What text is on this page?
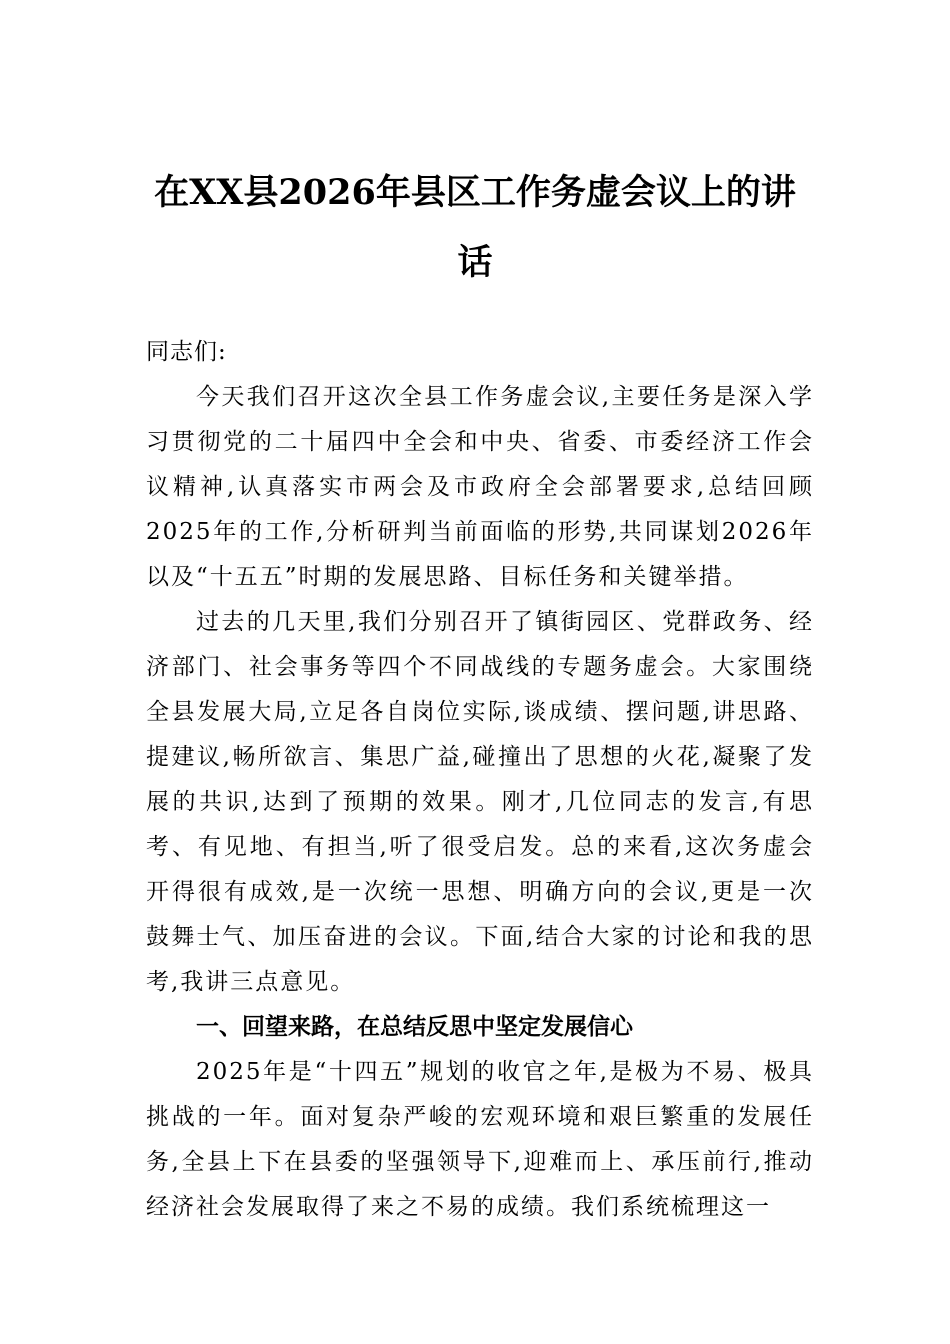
在XX县2026年县区工作务虚会议上的讲
话

同志们:

今天我们召开这次全县工作务虚会议,主要任务是深入学习贯彻党的二十届四中全会和中央、省委、市委经济工作会议精神,认真落实市两会及市政府全会部署要求,总结回顾2025年的工作,分析研判当前面临的形势,共同谋划2026年以及“十五五”时期的发展思路、目标任务和关键举措。

过去的几天里,我们分别召开了镇街园区、党群政务、经济部门、社会事务等四个不同战线的专题务虚会。大家围绕全县发展大局,立足各自岗位实际,谈成绩、摆问题,讲思路、提建议,畅所欲言、集思广益,碰撞出了思想的火花,凝聚了发展的共识,达到了预期的效果。刚才,几位同志的发言,有思考、有见地、有担当,听了很受启发。总的来看,这次务虚会开得很有成效,是一次统一思想、明确方向的会议,更是一次鼓舞士气、加压奋进的会议。下面,结合大家的讨论和我的思考,我讲三点意见。

一、回望来路，在总结反思中坚定发展信心

2025年是“十四五”规划的收官之年,是极为不易、极具挑战的一年。面对复杂严峻的宏观环境和艰巨繁重的发展任务,全县上下在县委的坚强领导下,迎难而上、承压前行,推动经济社会发展取得了来之不易的成绩。我们系统梳理这一
